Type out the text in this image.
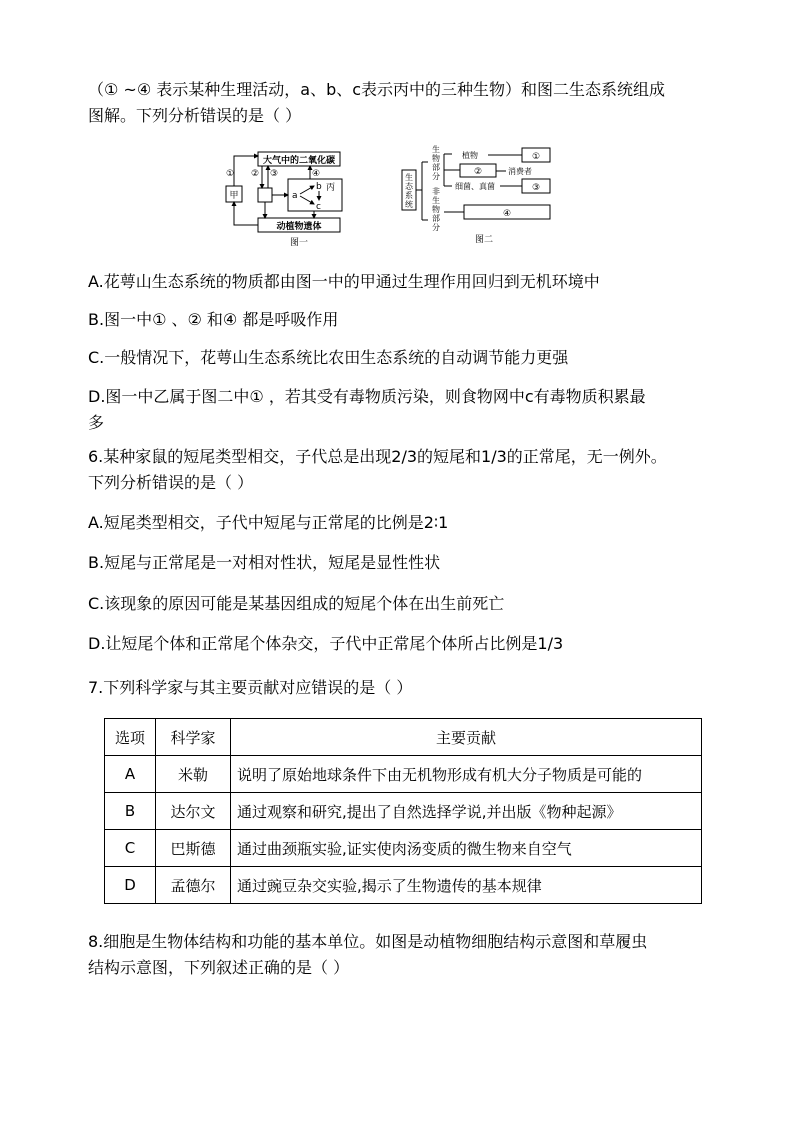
（① ~④ 表示某种生理活动，a、b、c表示丙中的三种生物）和图二生态系统组成
图解。下列分析错误的是（ ）
大气中的二氧化碳
甲
① ② ③
a
b
c
丙
④
动植物遗体
图一
生态系统
生物部分
非生物部分
植物	①
②	消费者
细菌、真菌	③
④
图二
A.花萼山生态系统的物质都由图一中的甲通过生理作用回归到无机环境中
B.图一中① 、② 和④ 都是呼吸作用
C.一般情况下，花萼山生态系统比农田生态系统的自动调节能力更强
D.图一中乙属于图二中① ，若其受有毒物质污染，则食物网中c有毒物质积累最
多
6.某种家鼠的短尾类型相交，子代总是出现2/3的短尾和1/3的正常尾，无一例外。
下列分析错误的是（ ）
A.短尾类型相交，子代中短尾与正常尾的比例是2∶1
B.短尾与正常尾是一对相对性状，短尾是显性性状
C.该现象的原因可能是某基因组成的短尾个体在出生前死亡
D.让短尾个体和正常尾个体杂交，子代中正常尾个体所占比例是1/3
7.下列科学家与其主要贡献对应错误的是（ ）
选项	科学家	主要贡献
A	米勒	说明了原始地球条件下由无机物形成有机大分子物质是可能的
B	达尔文	通过观察和研究,提出了自然选择学说,并出版《物种起源》
C	巴斯德	通过曲颈瓶实验,证实使肉汤变质的微生物来自空气
D	孟德尔	通过豌豆杂交实验,揭示了生物遗传的基本规律
8.细胞是生物体结构和功能的基本单位。如图是动植物细胞结构示意图和草履虫
结构示意图，下列叙述正确的是（ ）
